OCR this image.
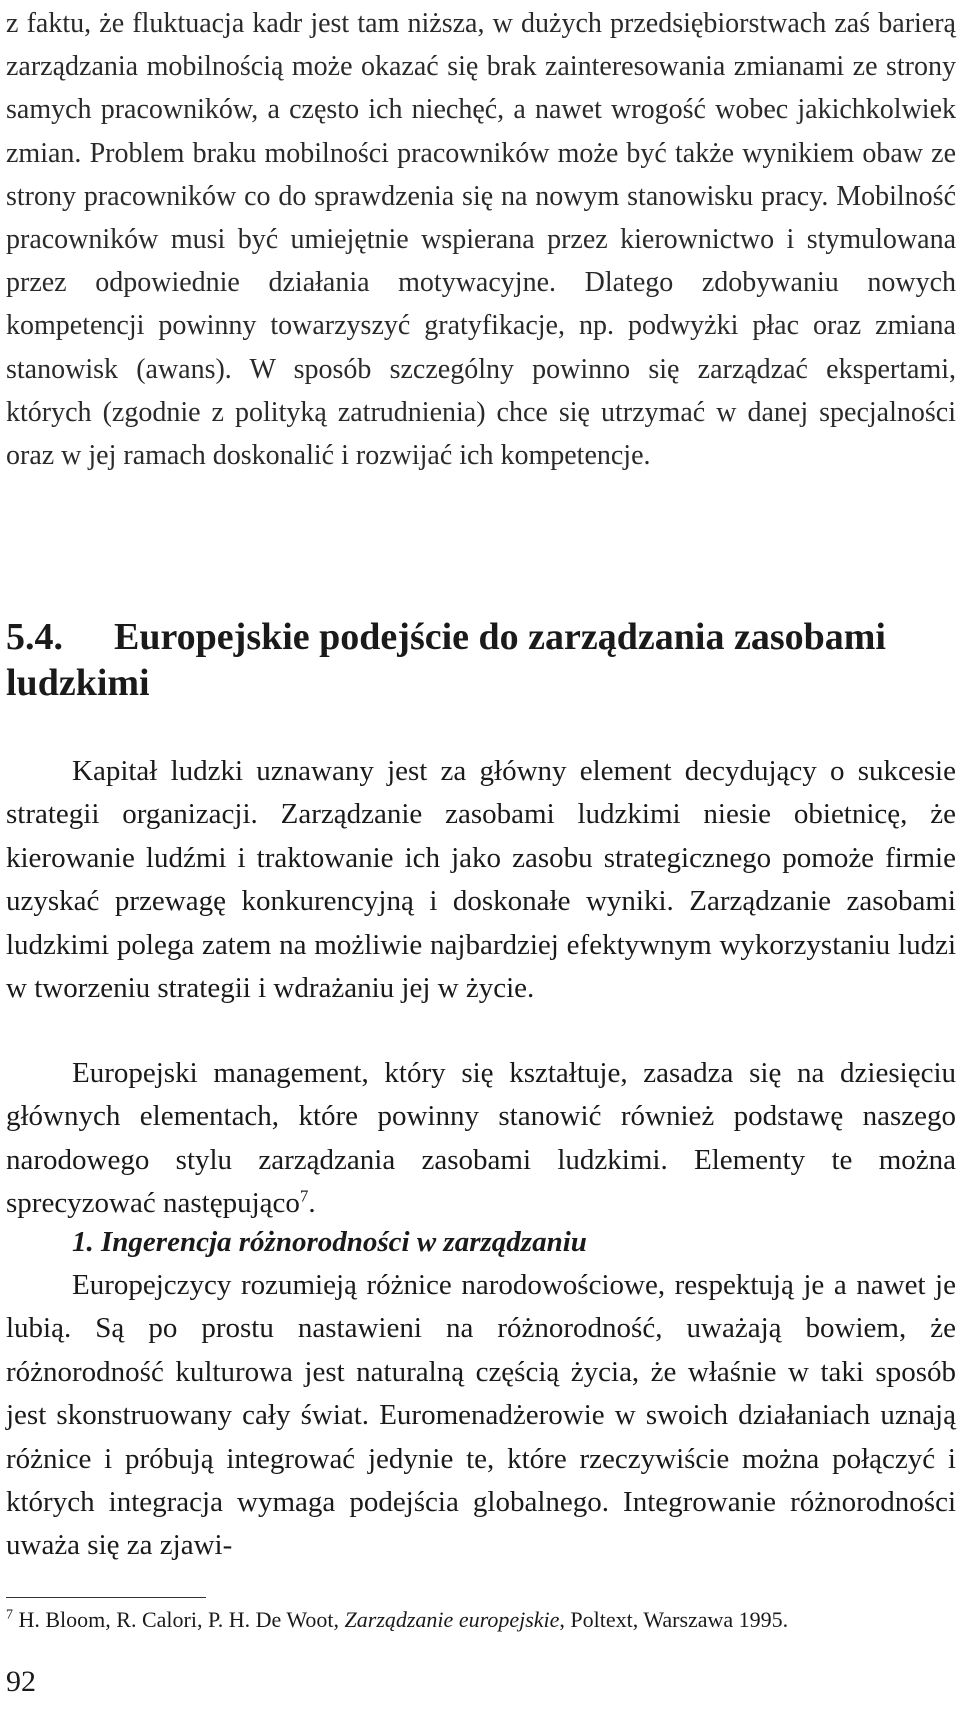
z faktu, że fluktuacja kadr jest tam niższa, w dużych przedsiębiorstwach zaś barierą zarządzania mobilnością może okazać się brak zainteresowania zmianami ze strony samych pracowników, a często ich niechęć, a nawet wrogość wobec jakichkolwiek zmian. Problem braku mobilności pracowników może być także wynikiem obaw ze strony pracowników co do sprawdzenia się na nowym stanowisku pracy. Mobilność pracowników musi być umiejętnie wspierana przez kierownictwo i stymulowana przez odpowiednie działania motywacyjne. Dlatego zdobywaniu nowych kompetencji powinny towarzyszyć gratyfikacje, np. podwyżki płac oraz zmiana stanowisk (awans). W sposób szczególny powinno się zarządzać ekspertami, których (zgodnie z polityką zatrudnienia) chce się utrzymać w danej specjalności oraz w jej ramach doskonalić i rozwijać ich kompetencje.

5.4. Europejskie podejście do zarządzania zasobami ludzkimi

Kapitał ludzki uznawany jest za główny element decydujący o sukcesie strategii organizacji. Zarządzanie zasobami ludzkimi niesie obietnicę, że kierowanie ludźmi i traktowanie ich jako zasobu strategicznego pomoże firmie uzyskać przewagę konkurencyjną i doskonałe wyniki. Zarządzanie zasobami ludzkimi polega zatem na możliwie najbardziej efektywnym wykorzystaniu ludzi w tworzeniu strategii i wdrażaniu jej w życie.

Europejski management, który się kształtuje, zasadza się na dziesięciu głównych elementach, które powinny stanowić również podstawę naszego narodowego stylu zarządzania zasobami ludzkimi. Elementy te można sprecyzować następująco$^7$.

1. Ingerencja różnorodności w zarządzaniu

Europejczycy rozumieją różnice narodowościowe, respektują je a nawet je lubią. Są po prostu nastawieni na różnorodność, uważają bowiem, że różnorodność kulturowa jest naturalną częścią życia, że właśnie w taki sposób jest skonstruowany cały świat. Euromenadżerowie w swoich działaniach uznają różnice i próbują integrować jedynie te, które rzeczywiście można połączyć i których integracja wymaga podejścia globalnego. Integrowanie różnorodności uważa się za zjawi-

$^7$ H. Bloom, R. Calori, P. H. De Woot, Zarządzanie europejskie, Poltext, Warszawa 1995.

92
